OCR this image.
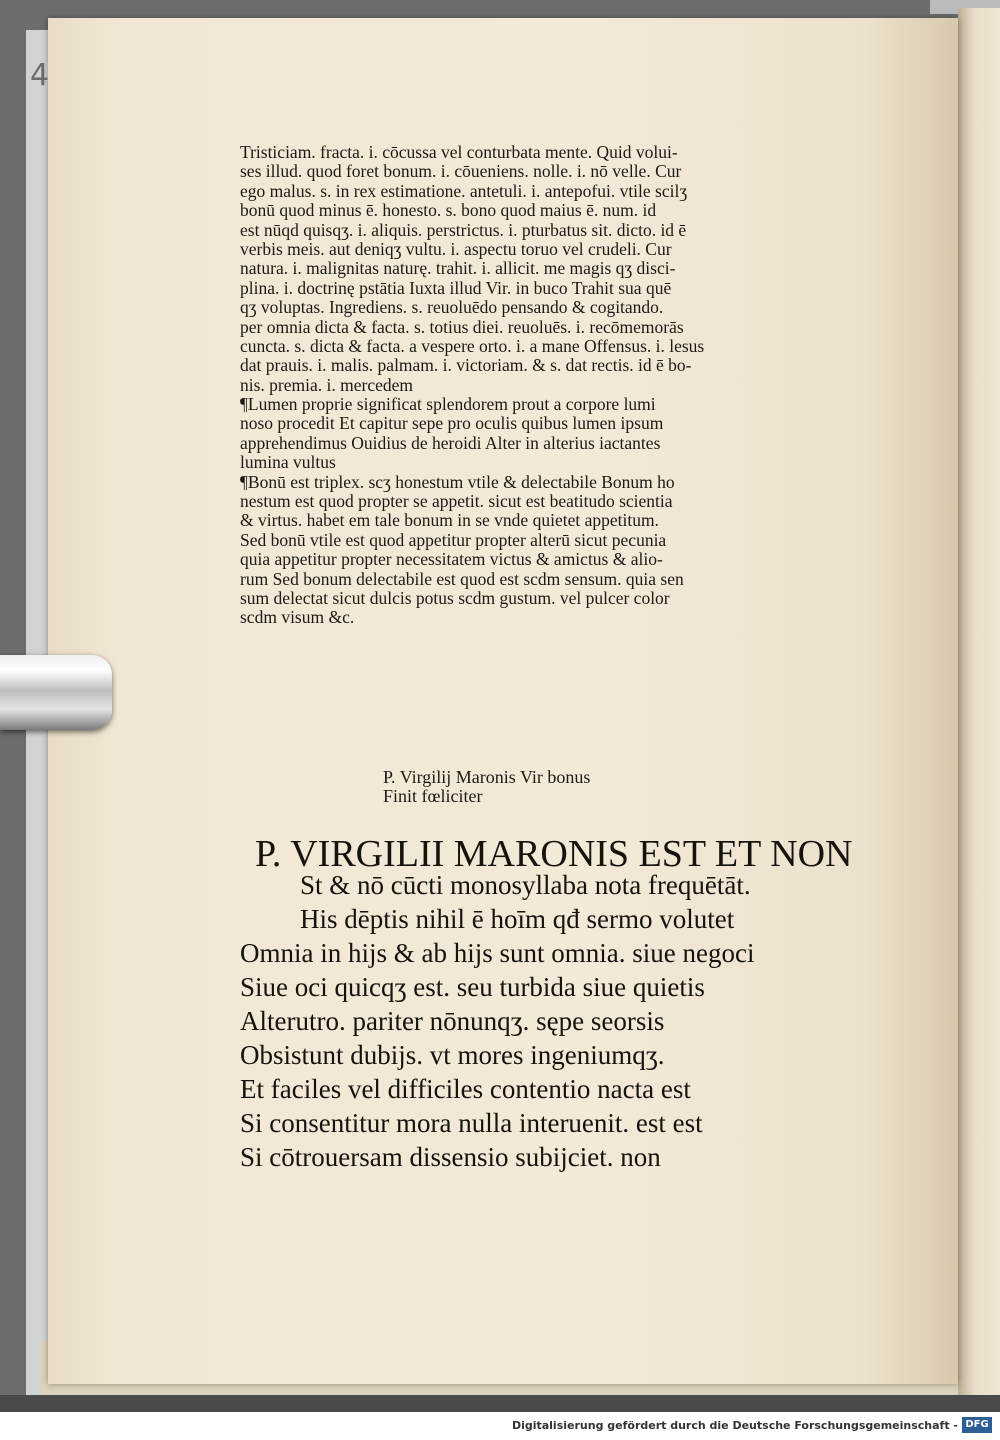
4
Tristiciam. fracta. i. cōcussa vel conturbata mente. Quid volui-
ses illud. quod foret bonum. i. cōueniens. nolle. i. nō velle. Cur
ego malus. s. in rex estimatione. antetuli. i. antepofui. vtile scilʒ
bonū quod minus ē. honesto. s. bono quod maius ē. num. id
est nūqd quisqʒ. i. aliquis. perstrictus. i. pturbatus sit. dicto. id ē
verbis meis. aut deniqʒ vultu. i. aspectu toruo vel crudeli. Cur
natura. i. malignitas naturę. trahit. i. allicit. me magis qʒ disci-
plina. i. doctrinę pstātia Iuxta illud Vir. in buco Trahit sua quē
qʒ voluptas. Ingrediens. s. reuoluēdo pensando & cogitando.
per omnia dicta & facta. s. totius diei. reuoluēs. i. recōmemorās
cuncta. s. dicta & facta. a vespere orto. i. a mane Offensus. i. lesus
dat prauis. i. malis. palmam. i. victoriam. & s. dat rectis. id ē bo-
nis. premia. i. mercedem
¶Lumen proprie significat splendorem prout a corpore lumi
noso procedit Et capitur sepe pro oculis quibus lumen ipsum
apprehendimus Ouidius de heroidi Alter in alterius iactantes
lumina vultus
¶Bonū est triplex. scʒ honestum vtile & delectabile Bonum ho
nestum est quod propter se appetit. sicut est beatitudo scientia
& virtus. habet em tale bonum in se vnde quietet appetitum.
Sed bonū vtile est quod appetitur propter alterū sicut pecunia
quia appetitur propter necessitatem victus & amictus & alio-
rum Sed bonum delectabile est quod est scdm sensum. quia sen
sum delectat sicut dulcis potus scdm gustum. vel pulcer color
scdm visum &c.
P. Virgilij Maronis Vir bonus
Finit fœliciter
P. VIRGILII MARONIS EST ET NON
St & nō cūcti monosyllaba nota frequētāt.
His dēptis nihil ē hoīm qđ sermo volutet
Omnia in hijs & ab hijs sunt omnia. siue negoci
Siue oci quicqʒ est. seu turbida siue quietis
Alterutro. pariter nōnunqʒ. sępe seorsis
Obsistunt dubijs. vt mores ingeniumqʒ.
Et faciles vel difficiles contentio nacta est
Si consentitur mora nulla interuenit. est est
Si cōtrouersam dissensio subijciet. non
Digitalisierung gefördert durch die Deutsche Forschungsgemeinschaft - DFG
